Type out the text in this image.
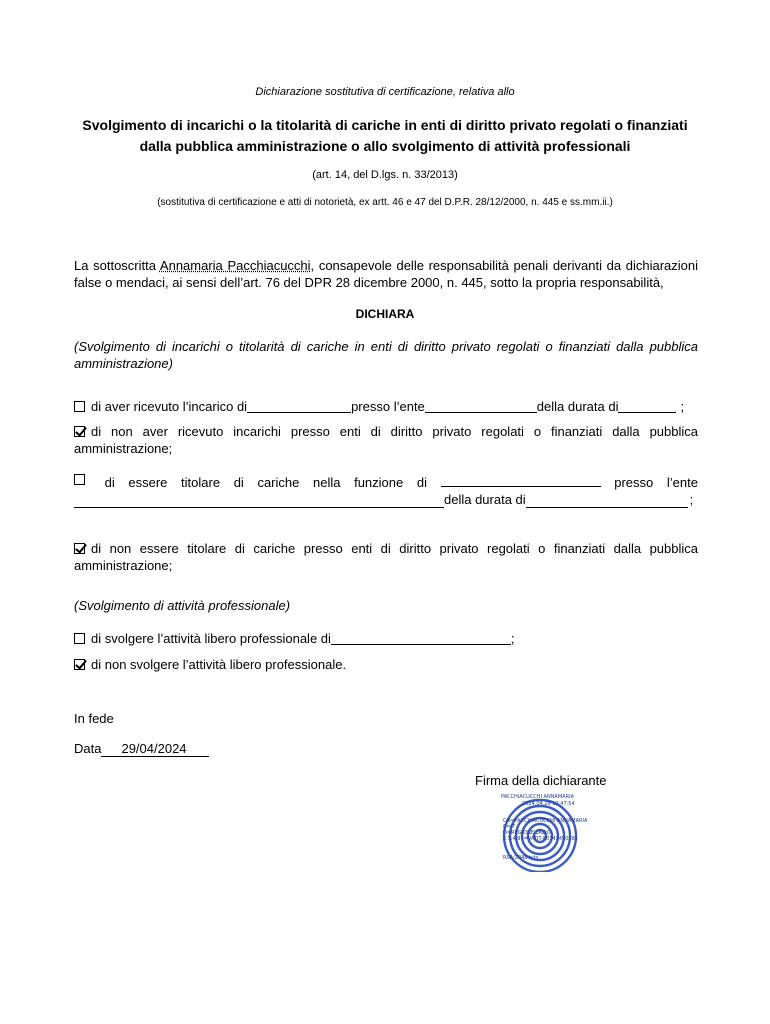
Dichiarazione sostitutiva di certificazione, relativa allo
Svolgimento di incarichi o la titolarità di cariche in enti di diritto privato regolati o finanziati
dalla pubblica amministrazione o allo svolgimento di attività professionali
(art. 14, del D.lgs. n. 33/2013)
(sostitutiva di certificazione e atti di notorietà, ex artt. 46 e 47 del D.P.R. 28/12/2000, n. 445 e ss.mm.ii.)
La sottoscritta Annamaria Pacchiacucchi, consapevole delle responsabilità penali derivanti da dichiarazioni false o mendaci, ai sensi dell’art. 76 del DPR 28 dicembre 2000, n. 445, sotto la propria responsabilità,
DICHIARA
(Svolgimento di incarichi o titolarità di cariche in enti di diritto privato regolati o finanziati dalla pubblica amministrazione)
di aver ricevuto l’incarico di	presso l’ente	della durata di	;
di non aver ricevuto incarichi presso enti di diritto privato regolati o finanziati dalla pubblica amministrazione;
di essere titolare di cariche nella funzione di	presso l’ente
della durata di	;
di non essere titolare di cariche presso enti di diritto privato regolati o finanziati dalla pubblica amministrazione;
(Svolgimento di attività professionale)
di svolgere l’attività libero professionale di	;
di non svolgere l’attività libero professionale.
In fede
Data 29/04/2024
Firma della dichiarante
PACCHIACUCCHI ANNAMARIA
2024.04.29 12:47:54
CN=PACCHIACUCCHI ANNAMARIA
C=IT
O=REGIONE LAZIO
2.5.4.97=VATIT-80143490581
RSA/2048 bits
